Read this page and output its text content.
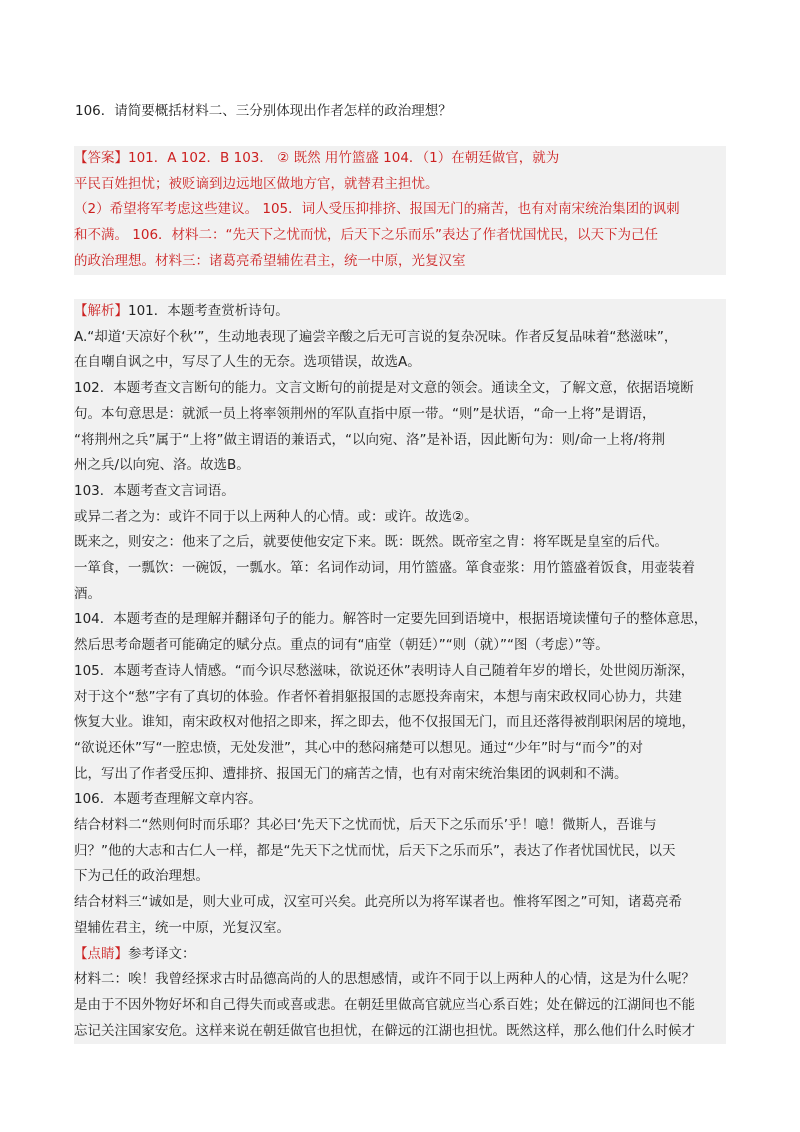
106．请简要概括材料二、三分别体现出作者怎样的政治理想？

【答案】101．A 102．B 103． ② 既然 用竹篮盛 104．（1）在朝廷做官，就为
平民百姓担忧；被贬谪到边远地区做地方官，就替君主担忧。
（2）希望将军考虑这些建议。 105．词人受压抑排挤、报国无门的痛苦，也有对南宋统治集团的讽刺
和不满。 106．材料二：“先天下之忧而忧，后天下之乐而乐”表达了作者忧国忧民，以天下为己任
的政治理想。材料三：诸葛亮希望辅佐君主，统一中原，光复汉室
【解析】101．本题考查赏析诗句。
A.“却道‘天凉好个秋’”，生动地表现了遍尝辛酸之后无可言说的复杂况味。作者反复品味着“愁滋味”，
在自嘲自讽之中，写尽了人生的无奈。选项错误，故选A。
102．本题考查文言断句的能力。文言文断句的前提是对文意的领会。通读全文，了解文意，依据语境断
句。本句意思是：就派一员上将率领荆州的军队直指中原一带。“则”是状语，“命一上将”是谓语，
“将荆州之兵”属于“上将”做主谓语的兼语式，“以向宛、洛”是补语，因此断句为：则/命一上将/将荆
州之兵/以向宛、洛。故选B。
103．本题考查文言词语。
或异二者之为：或许不同于以上两种人的心情。或：或许。故选②。
既来之，则安之：他来了之后，就要使他安定下来。既：既然。既帝室之胄：将军既是皇室的后代。
一箪食，一瓢饮：一碗饭，一瓢水。箪：名词作动词，用竹篮盛。箪食壶浆：用竹篮盛着饭食，用壶装着
酒。
104．本题考查的是理解并翻译句子的能力。解答时一定要先回到语境中，根据语境读懂句子的整体意思，
然后思考命题者可能确定的赋分点。重点的词有“庙堂（朝廷）”“则（就）”“图（考虑）”等。
105．本题考查诗人情感。“而今识尽愁滋味，欲说还休”表明诗人自己随着年岁的增长，处世阅历渐深，
对于这个“愁”字有了真切的体验。作者怀着捐躯报国的志愿投奔南宋，本想与南宋政权同心协力，共建
恢复大业。谁知，南宋政权对他招之即来，挥之即去，他不仅报国无门，而且还落得被削职闲居的境地，
“欲说还休”写“一腔忠愤，无处发泄”，其心中的愁闷痛楚可以想见。通过“少年”时与“而今”的对
比，写出了作者受压抑、遭排挤、报国无门的痛苦之情，也有对南宋统治集团的讽刺和不满。
106．本题考查理解文章内容。
结合材料二“然则何时而乐耶？其必曰‘先天下之忧而忧，后天下之乐而乐’乎！噫！微斯人，吾谁与
归？”他的大志和古仁人一样，都是“先天下之忧而忧，后天下之乐而乐”，表达了作者忧国忧民，以天
下为己任的政治理想。
结合材料三“诚如是，则大业可成，汉室可兴矣。此亮所以为将军谋者也。惟将军图之”可知，诸葛亮希
望辅佐君主，统一中原，光复汉室。
【点睛】参考译文：
材料二：唉！我曾经探求古时品德高尚的人的思想感情，或许不同于以上两种人的心情，这是为什么呢？
是由于不因外物好坏和自己得失而或喜或悲。在朝廷里做高官就应当心系百姓；处在僻远的江湖间也不能
忘记关注国家安危。这样来说在朝廷做官也担忧，在僻远的江湖也担忧。既然这样，那么他们什么时候才
